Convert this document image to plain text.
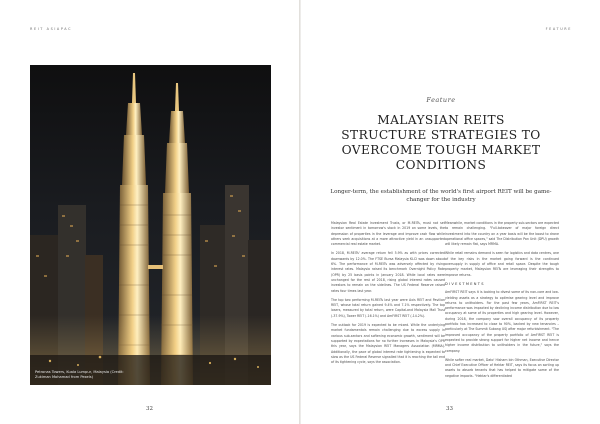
REIT ASIAPAC
Petronas Towers, Kuala Lumpur, Malaysia (Credit: Zukiman Mohamad from Pexels)
32
FEATURE
Feature
MALAYSIAN REITS
STRUCTURE STRATEGIES TO
OVERCOME TOUGH MARKET
CONDITIONS
Longer-term, the establishment of the world's first airport REIT will be game-changer for the industry

Malaysian Real Estate Investment Trusts, or M-REITs, must not set investor sentiment in tomorrow's stock in 2019 on some levels, the depression of properties in the leverage and improve cash flow while others seek acquisitions at a more attractive yield in an unsupported commercial real estate market.

In 2018, M-REITs' average return fell 5.9% as with prices corrected downwards by 12.0%. The FTSE Bursa Malaysia KLCI was down about 6%. The performance of M-REITs was adversely affected by rising interest rates. Malaysia raised its benchmark Overnight Policy Rate (OPR) by 25 basis points in January 2018. While local rates were unchanged for the rest of 2018, rising global interest rates caused investors to remain on the sidelines. The US Federal Reserve raised rates four times last year.

The top two performing M-REITs last year were Axis REIT and Pavilion REIT, whose total return gained 9.4% and 7.1% respectively. The top losers, measured by total return, were CapitaLand Malaysia Mall Trust (-37.9%), Tower REIT (-16.1%) and AmFIRST REIT (-14.2%).

The outlook for 2019 is expected to be mixed. While the underlying market fundamentals remain challenging due to excess supply in various sub-sectors and softening economic growth, sentiment will be supported by expectations for no further increases in Malaysia's OPR this year, says the Malaysian REIT Managers Association (MRMA). Additionally, the pace of global interest rate tightening is expected to slow as the US Federal Reserve signalled that it is reaching the tail end of its tightening cycle, says the association.

Meanwhile, market conditions in the property sub-sectors are expected to remain challenging. "Full-takeover of major foreign direct investment into the country on a year basis will be the boost to drone operational office spaces," said The Distribution Pan Unit (DPU) growth will likely remain flat, says MRMA.

While retail remains demand is seen for logistics and data centres, one of the key risks in the market going forward is the continued oversupply in supply of office and retail space. Despite the tough property market, Malaysian REITs are leveraging their strengths to improve returns.

DIVESTMENTS

AmFIRST REIT says it is looking to divest some of its non-core and low-yielding assets as a strategy to optimise gearing level and improve returns to unitholders. For the past few years, AmFIRST REIT's performance was impacted by declining income distribution due to low occupancy at some of its properties and high gearing level. However, during 2018, the company saw overall occupancy of its property portfolio has increased to close to 90%, backed by new tenancies – particularly at The Summit Subang USJ after major refurbishment. "The improved occupancy of the property portfolio of AmFIRST REIT is expected to provide strong support for higher net income and hence higher income distribution to unitholders in the future," says the company.

While softer real market, Dato' Hisham bin Othman, Executive Director and Chief Executive Officer of Hektar REIT, says its focus on sorting up assets to absorb tenants that has helped to mitigate some of the negative impacts. "Hektar's differentiated

33
